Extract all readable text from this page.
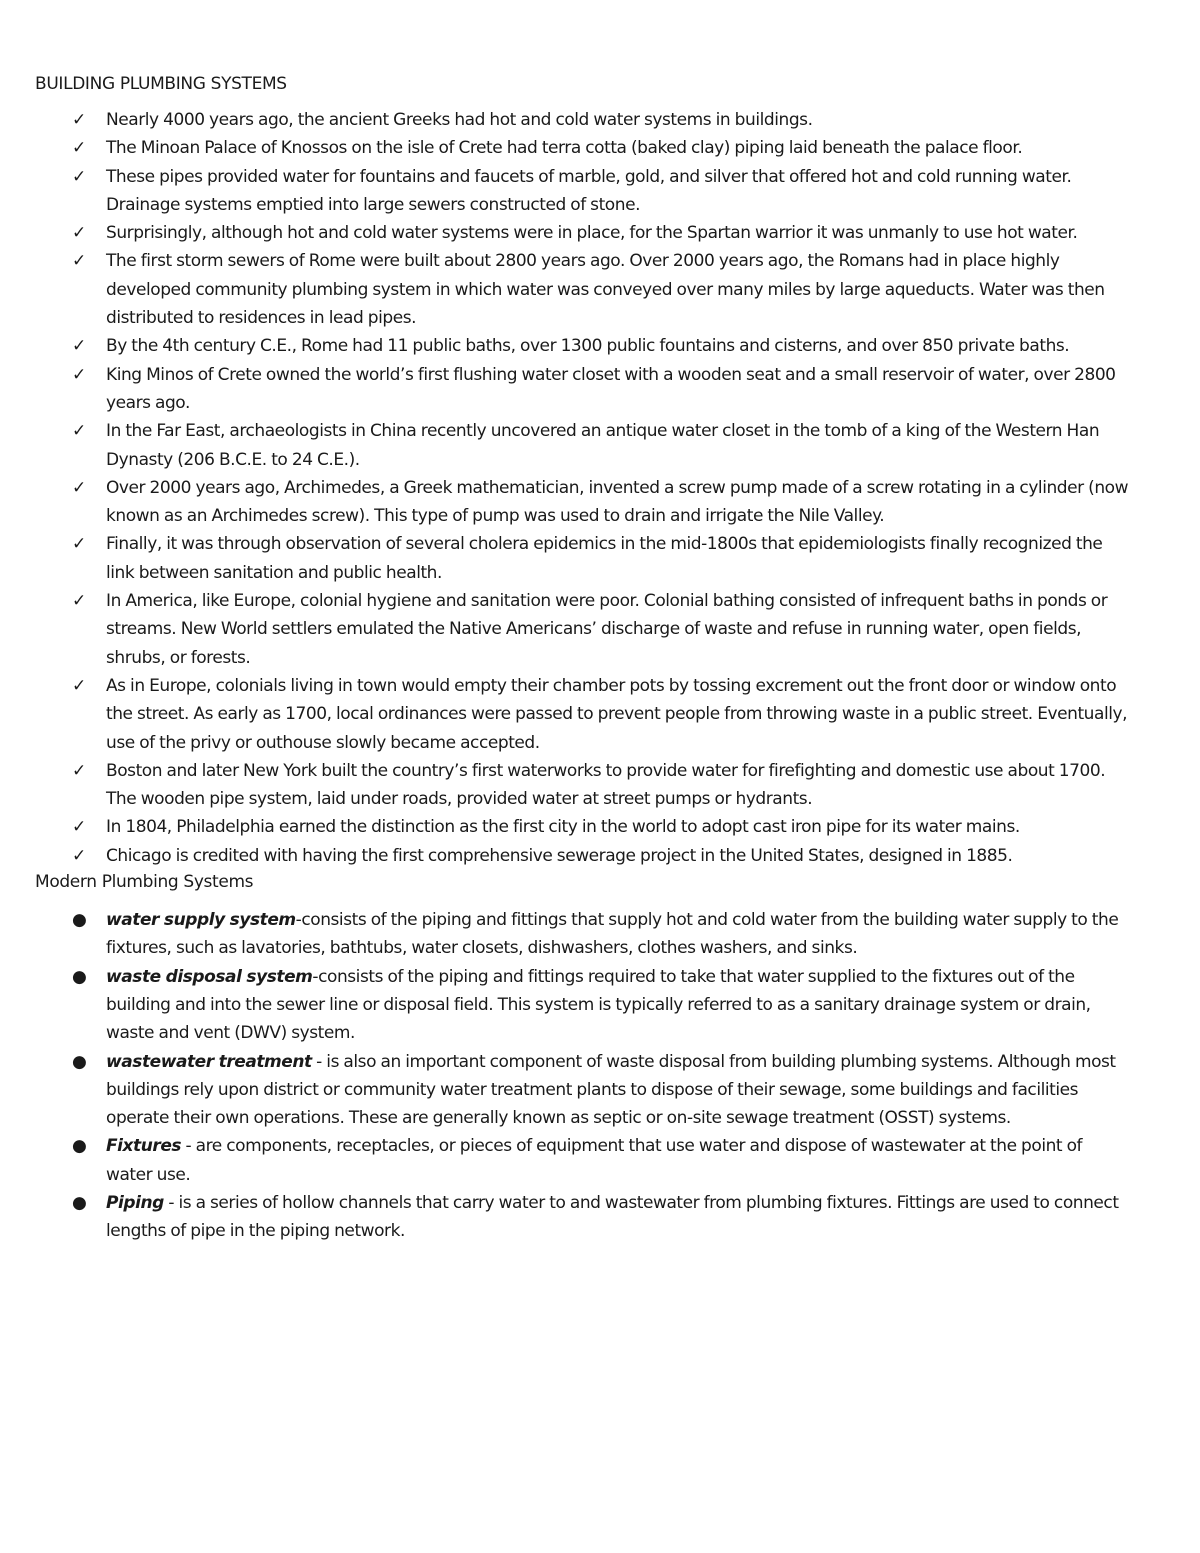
BUILDING PLUMBING SYSTEMS
✓ Nearly 4000 years ago, the ancient Greeks had hot and cold water systems in buildings.
✓ The Minoan Palace of Knossos on the isle of Crete had terra cotta (baked clay) piping laid beneath the palace floor.
✓ These pipes provided water for fountains and faucets of marble, gold, and silver that offered hot and cold running water. Drainage systems emptied into large sewers constructed of stone.
✓ Surprisingly, although hot and cold water systems were in place, for the Spartan warrior it was unmanly to use hot water.
✓ The first storm sewers of Rome were built about 2800 years ago. Over 2000 years ago, the Romans had in place highly developed community plumbing system in which water was conveyed over many miles by large aqueducts. Water was then distributed to residences in lead pipes.
✓ By the 4th century C.E., Rome had 11 public baths, over 1300 public fountains and cisterns, and over 850 private baths.
✓ King Minos of Crete owned the world’s first flushing water closet with a wooden seat and a small reservoir of water, over 2800 years ago.
✓ In the Far East, archaeologists in China recently uncovered an antique water closet in the tomb of a king of the Western Han Dynasty (206 B.C.E. to 24 C.E.).
✓ Over 2000 years ago, Archimedes, a Greek mathematician, invented a screw pump made of a screw rotating in a cylinder (now known as an Archimedes screw). This type of pump was used to drain and irrigate the Nile Valley.
✓ Finally, it was through observation of several cholera epidemics in the mid-1800s that epidemiologists finally recognized the link between sanitation and public health.
✓ In America, like Europe, colonial hygiene and sanitation were poor. Colonial bathing consisted of infrequent baths in ponds or streams. New World settlers emulated the Native Americans’ discharge of waste and refuse in running water, open fields, shrubs, or forests.
✓ As in Europe, colonials living in town would empty their chamber pots by tossing excrement out the front door or window onto the street. As early as 1700, local ordinances were passed to prevent people from throwing waste in a public street. Eventually, use of the privy or outhouse slowly became accepted.
✓ Boston and later New York built the country’s first waterworks to provide water for firefighting and domestic use about 1700. The wooden pipe system, laid under roads, provided water at street pumps or hydrants.
✓ In 1804, Philadelphia earned the distinction as the first city in the world to adopt cast iron pipe for its water mains.
✓ Chicago is credited with having the first comprehensive sewerage project in the United States, designed in 1885.
Modern Plumbing Systems
● water supply system-consists of the piping and fittings that supply hot and cold water from the building water supply to the fixtures, such as lavatories, bathtubs, water closets, dishwashers, clothes washers, and sinks.
● waste disposal system-consists of the piping and fittings required to take that water supplied to the fixtures out of the building and into the sewer line or disposal field. This system is typically referred to as a sanitary drainage system or drain, waste and vent (DWV) system.
● wastewater treatment - is also an important component of waste disposal from building plumbing systems. Although most buildings rely upon district or community water treatment plants to dispose of their sewage, some buildings and facilities operate their own operations. These are generally known as septic or on-site sewage treatment (OSST) systems.
● Fixtures - are components, receptacles, or pieces of equipment that use water and dispose of wastewater at the point of water use.
● Piping - is a series of hollow channels that carry water to and wastewater from plumbing fixtures. Fittings are used to connect lengths of pipe in the piping network.
